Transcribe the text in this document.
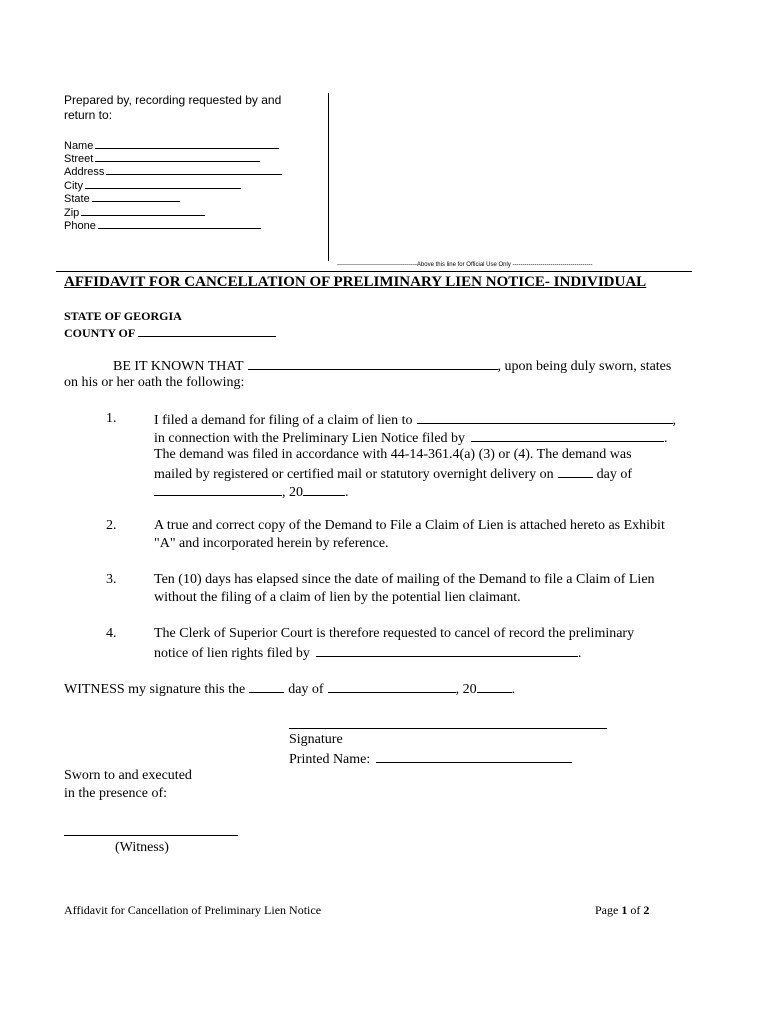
Prepared by, recording requested by and
return to:
Name
Street
Address
City
State
Zip
Phone
----------------------------------------Above this line for Official Use Only ----------------------------------------
AFFIDAVIT FOR CANCELLATION OF PRELIMINARY LIEN NOTICE- INDIVIDUAL
STATE OF GEORGIA
COUNTY OF
BE IT KNOWN THAT	, upon being duly sworn, states
on his or her oath the following:
1.	I filed a demand for filing of a claim of lien to	,
in connection with the Preliminary Lien Notice filed by	.
The demand was filed in accordance with 44-14-361.4(a) (3) or (4). The demand was
mailed by registered or certified mail or statutory overnight delivery on	day of
, 20	.
2.	A true and correct copy of the Demand to File a Claim of Lien is attached hereto as Exhibit
"A" and incorporated herein by reference.
3.	Ten (10) days has elapsed since the date of mailing of the Demand to file a Claim of Lien
without the filing of a claim of lien by the potential lien claimant.
4.	The Clerk of Superior Court is therefore requested to cancel of record the preliminary
notice of lien rights filed by	.
WITNESS my signature this the	day of	, 20	.
Signature
Printed Name:
Sworn to and executed
in the presence of:
(Witness)
Affidavit for Cancellation of Preliminary Lien Notice	Page 1 of 2
